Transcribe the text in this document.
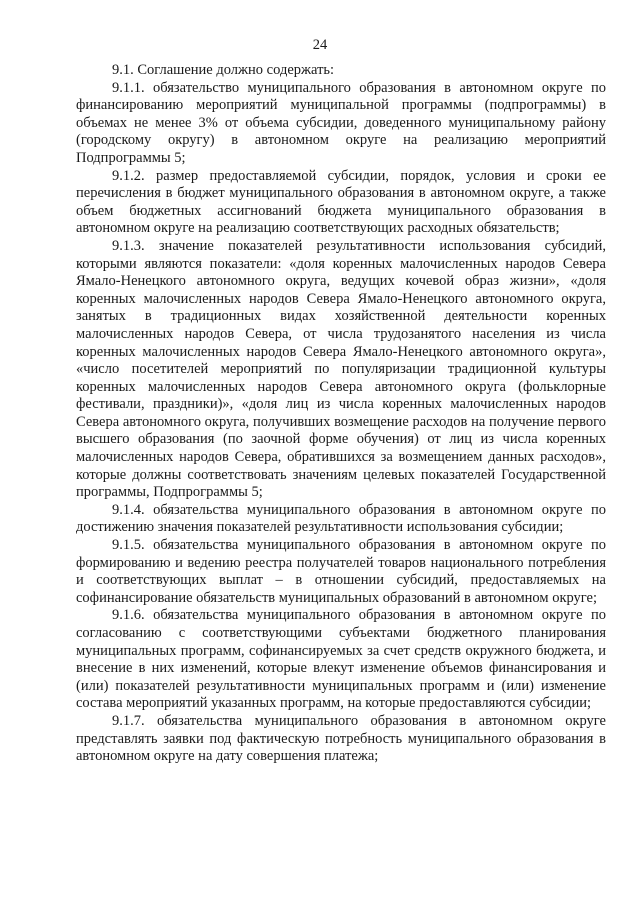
24

9.1. Соглашение должно содержать:

9.1.1. обязательство муниципального образования в автономном округе по финансированию мероприятий муниципальной программы (подпрограммы) в объемах не менее 3% от объема субсидии, доведенного муниципальному району (городскому округу) в автономном округе на реализацию мероприятий Подпрограммы 5;

9.1.2. размер предоставляемой субсидии, порядок, условия и сроки ее перечисления в бюджет муниципального образования в автономном округе, а также объем бюджетных ассигнований бюджета муниципального образования в автономном округе на реализацию соответствующих расходных обязательств;

9.1.3. значение показателей результативности использования субсидий, которыми являются показатели: «доля коренных малочисленных народов Севера Ямало-Ненецкого автономного округа, ведущих кочевой образ жизни», «доля коренных малочисленных народов Севера Ямало-Ненецкого автономного округа, занятых в традиционных видах хозяйственной деятельности коренных малочисленных народов Севера, от числа трудозанятого населения из числа коренных малочисленных народов Севера Ямало-Ненецкого автономного округа», «число посетителей мероприятий по популяризации традиционной культуры коренных малочисленных народов Севера автономного округа (фольклорные фестивали, праздники)», «доля лиц из числа коренных малочисленных народов Севера автономного округа, получивших возмещение расходов на получение первого высшего образования (по заочной форме обучения) от лиц из числа коренных малочисленных народов Севера, обратившихся за возмещением данных расходов», которые должны соответствовать значениям целевых показателей Государственной программы, Подпрограммы 5;

9.1.4. обязательства муниципального образования в автономном округе по достижению значения показателей результативности использования субсидии;

9.1.5. обязательства муниципального образования в автономном округе по формированию и ведению реестра получателей товаров национального потребления и соответствующих выплат – в отношении субсидий, предоставляемых на софинансирование обязательств муниципальных образований в автономном округе;

9.1.6. обязательства муниципального образования в автономном округе по согласованию с соответствующими субъектами бюджетного планирования муниципальных программ, софинансируемых за счет средств окружного бюджета, и внесение в них изменений, которые влекут изменение объемов финансирования и (или) показателей результативности муниципальных программ и (или) изменение состава мероприятий указанных программ, на которые предоставляются субсидии;

9.1.7. обязательства муниципального образования в автономном округе представлять заявки под фактическую потребность муниципального образования в автономном округе на дату совершения платежа;
